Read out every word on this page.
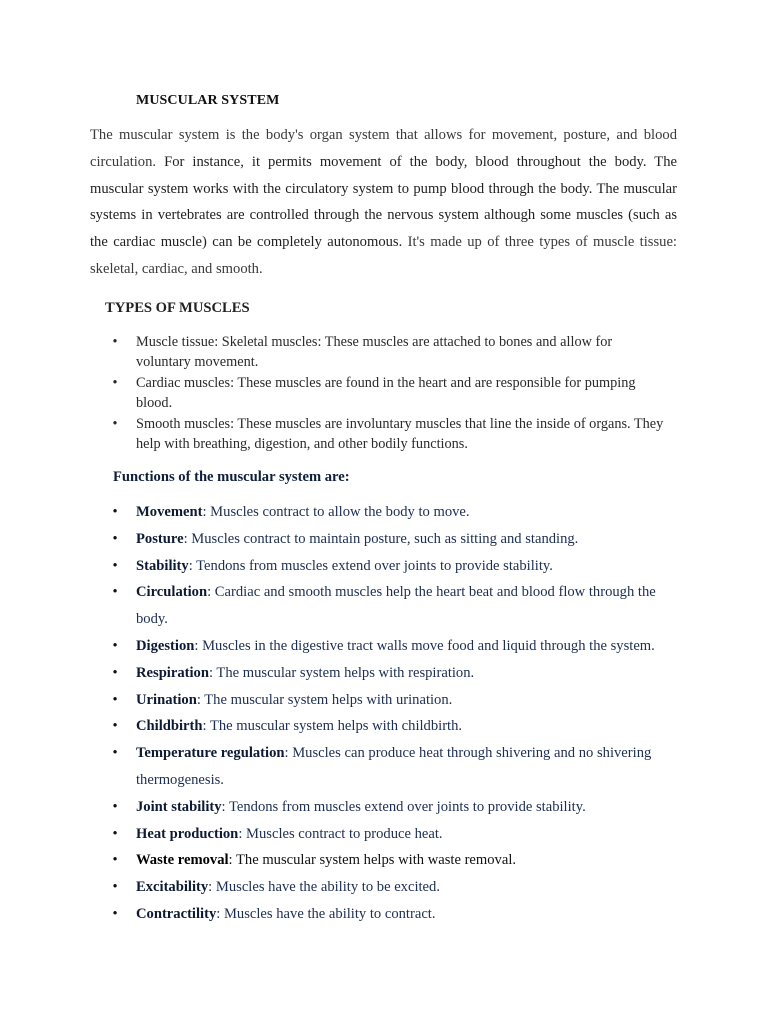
MUSCULAR SYSTEM

The muscular system is the body's organ system that allows for movement, posture, and blood circulation. For instance, it permits movement of the body, blood throughout the body. The muscular system works with the circulatory system to pump blood through the body. The muscular systems in vertebrates are controlled through the nervous system although some muscles (such as the cardiac muscle) can be completely autonomous. It's made up of three types of muscle tissue: skeletal, cardiac, and smooth.

TYPES OF MUSCLES
•	Muscle tissue: Skeletal muscles: These muscles are attached to bones and allow for voluntary movement.
•	Cardiac muscles: These muscles are found in the heart and are responsible for pumping blood.
•	Smooth muscles: These muscles are involuntary muscles that line the inside of organs. They help with breathing, digestion, and other bodily functions.
Functions of the muscular system are:
•	Movement: Muscles contract to allow the body to move.
•	Posture: Muscles contract to maintain posture, such as sitting and standing.
•	Stability: Tendons from muscles extend over joints to provide stability.
•	Circulation: Cardiac and smooth muscles help the heart beat and blood flow through the body.
•	Digestion: Muscles in the digestive tract walls move food and liquid through the system.
•	Respiration: The muscular system helps with respiration.
•	Urination: The muscular system helps with urination.
•	Childbirth: The muscular system helps with childbirth.
•	Temperature regulation: Muscles can produce heat through shivering and no shivering thermogenesis.
•	Joint stability: Tendons from muscles extend over joints to provide stability.
•	Heat production: Muscles contract to produce heat.
•	Waste removal: The muscular system helps with waste removal.
•	Excitability: Muscles have the ability to be excited.
•	Contractility: Muscles have the ability to contract.
